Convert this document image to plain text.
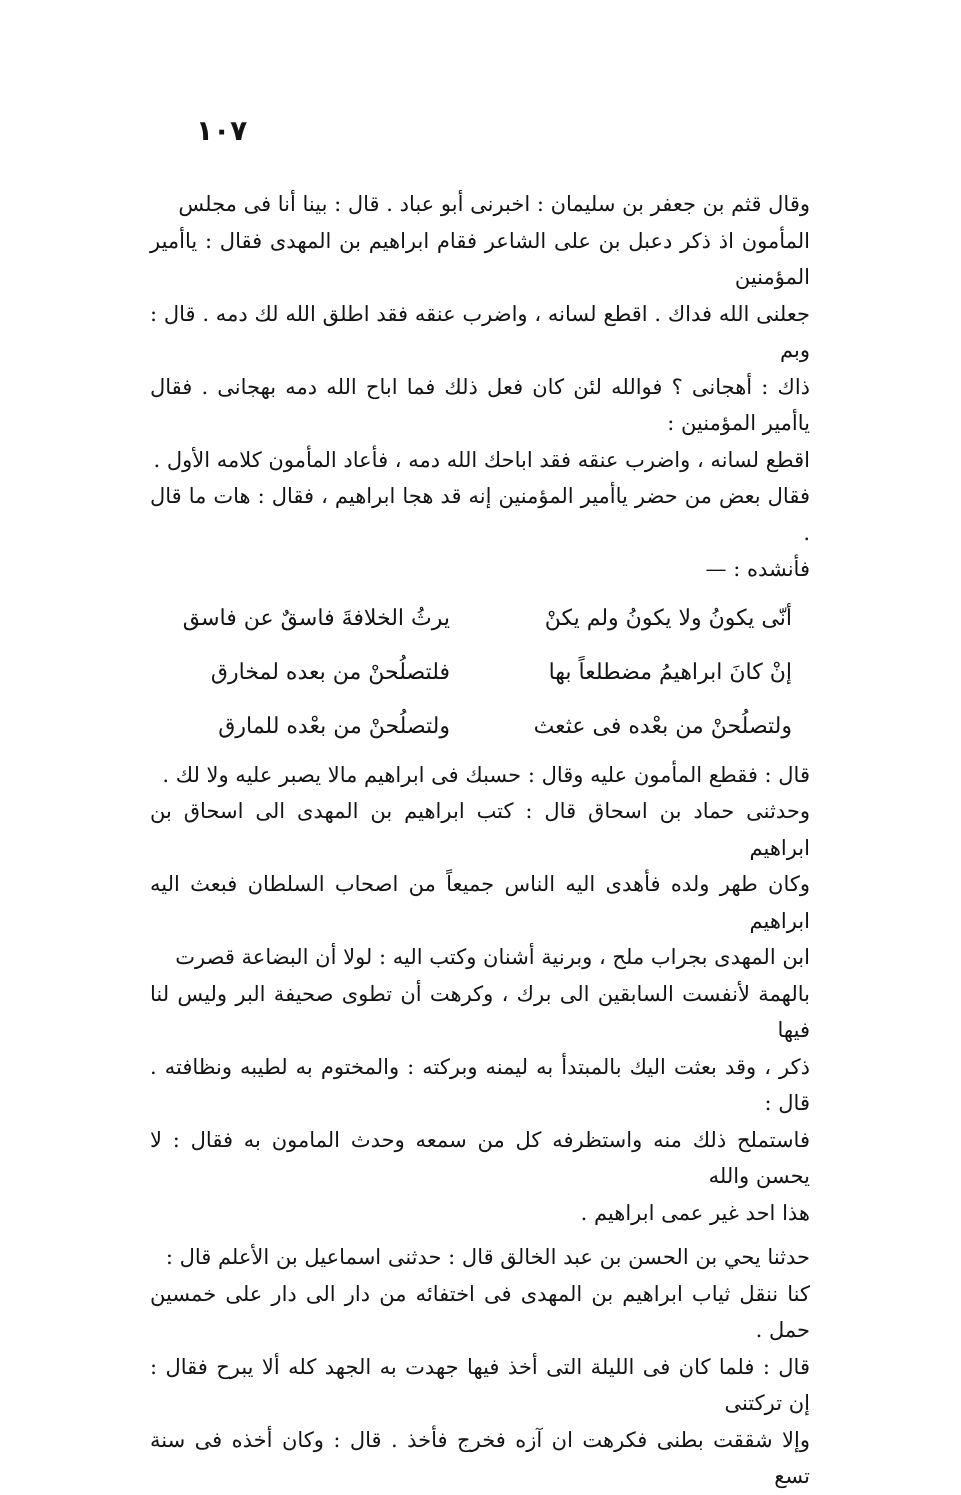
١٠٧

وقال قثم بن جعفر بن سليمان : اخبرنى أبو عباد . قال : بينا أنا فى مجلس
المأمون اذ ذكر دعبل بن على الشاعر فقام ابراهيم بن المهدى فقال : ياأمير المؤمنين
جعلنى الله فداك . اقطع لسانه ، واضرب عنقه فقد اطلق الله لك دمه . قال : وبم
ذاك : أهجانى ؟ فوالله لئن كان فعل ذلك فما اباح الله دمه بهجانى . فقال ياأمير المؤمنين :
اقطع لسانه ، واضرب عنقه فقد اباحك الله دمه ، فأعاد المأمون كلامه الأول .
فقال بعض من حضر ياأمير المؤمنين إنه قد هجا ابراهيم ، فقال : هات ما قال .
فأنشده : —

أنّى يكونُ ولا يكونُ ولم يكنْ
يرثُ الخلافةَ فاسقٌ عن فاسق
إنْ كانَ ابراهيمُ مضطلعاً بها
فلتصلُحنْ من بعده لمخارق
ولتصلُحنْ من بعْده فى عثعث
ولتصلُحنْ من بعْده للمارق

قال : فقطع المأمون عليه وقال : حسبك فى ابراهيم مالا يصبر عليه ولا لك .

وحدثنى حماد بن اسحاق قال : كتب ابراهيم بن المهدى الى اسحاق بن ابراهيم
وكان طهر ولده فأهدى اليه الناس جميعاً من اصحاب السلطان فبعث اليه ابراهيم
ابن المهدى بجراب ملح ، وبرنية أشنان وكتب اليه : لولا أن البضاعة قصرت
بالهمة لأنفست السابقين الى برك ، وكرهت أن تطوى صحيفة البر وليس لنا فيها
ذكر ، وقد بعثت اليك بالمبتدأ به ليمنه وبركته : والمختوم به لطيبه ونظافته . قال :
فاستملح ذلك منه واستظرفه كل من سمعه وحدث المامون به فقال : لا يحسن والله
هذا احد غير عمى ابراهيم .

حدثنا يحي بن الحسن بن عبد الخالق قال : حدثنى اسماعيل بن الأعلم قال :
كنا ننقل ثياب ابراهيم بن المهدى فى اختفائه من دار الى دار على خمسين حمل .
قال : فلما كان فى الليلة التى أخذ فيها جهدت به الجهد كله ألا يبرح فقال : إن تركتنى
وإلا شققت بطنى فكرهت ان آزه فخرج فأخذ . قال : وكان أخذه فى سنة تسع
